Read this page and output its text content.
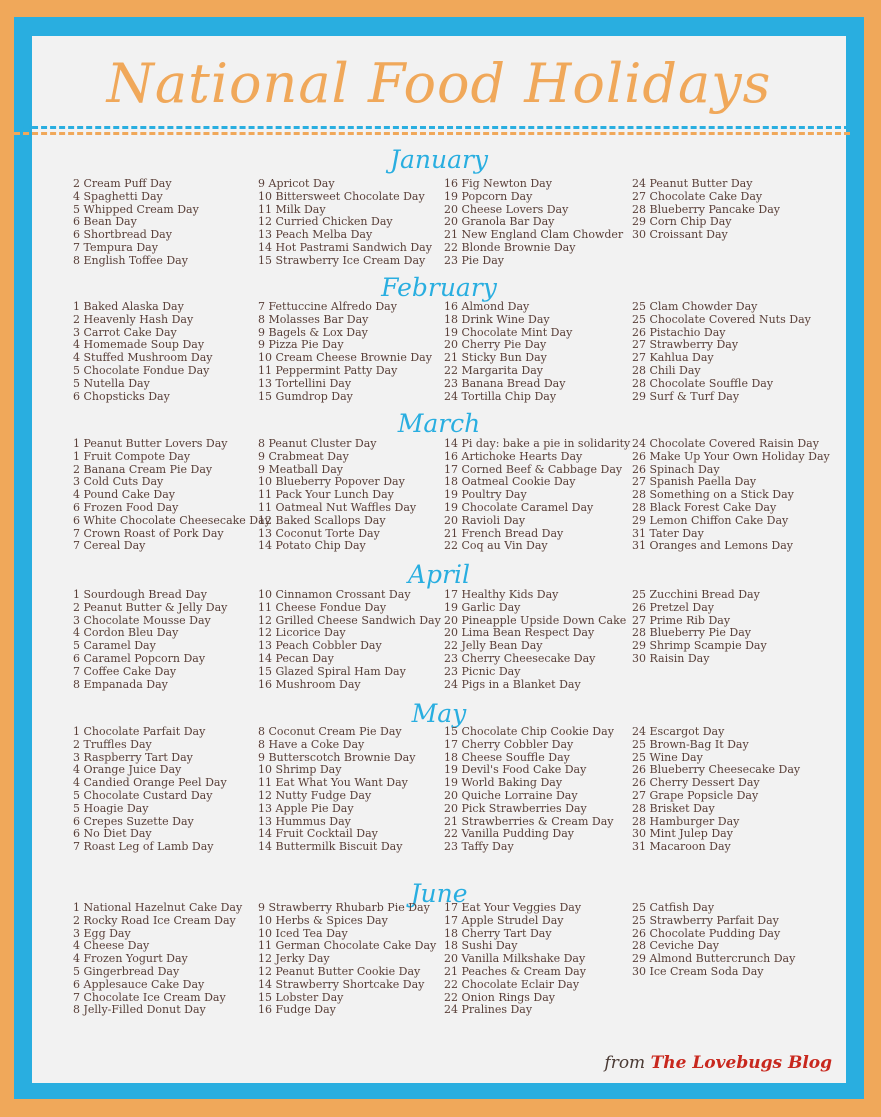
National Food Holidays
from The Lovebugs Blog
January
2 Cream Puff Day
4 Spaghetti Day
5 Whipped Cream Day
6 Bean Day
6 Shortbread Day
7 Tempura Day
8 English Toffee Day
9 Apricot Day
10 Bittersweet Chocolate Day
11 Milk Day
12 Curried Chicken Day
13 Peach Melba Day
14 Hot Pastrami Sandwich Day
15 Strawberry Ice Cream Day
16 Fig Newton Day
19 Popcorn Day
20 Cheese Lovers Day
20 Granola Bar Day
21 New England Clam Chowder
22 Blonde Brownie Day
23 Pie Day
24 Peanut Butter Day
27 Chocolate Cake Day
28 Blueberry Pancake Day
29 Corn Chip Day
30 Croissant Day
February
1 Baked Alaska Day
2 Heavenly Hash Day
3 Carrot Cake Day
4 Homemade Soup Day
4 Stuffed Mushroom Day
5 Chocolate Fondue Day
5 Nutella Day
6 Chopsticks Day
7 Fettuccine Alfredo Day
8 Molasses Bar Day
9 Bagels & Lox Day
9 Pizza Pie Day
10 Cream Cheese Brownie Day
11 Peppermint Patty Day
13 Tortellini Day
15 Gumdrop Day
16 Almond Day
18 Drink Wine Day
19 Chocolate Mint Day
20 Cherry Pie Day
21 Sticky Bun Day
22 Margarita Day
23 Banana Bread Day
24 Tortilla Chip Day
25 Clam Chowder Day
25 Chocolate Covered Nuts Day
26 Pistachio Day
27 Strawberry Day
27 Kahlua Day
28 Chili Day
28 Chocolate Souffle Day
29 Surf & Turf Day
March
1 Peanut Butter Lovers Day
1 Fruit Compote Day
2 Banana Cream Pie Day
3 Cold Cuts Day
4 Pound Cake Day
6 Frozen Food Day
6 White Chocolate Cheesecake Day
7 Crown Roast of Pork Day
7 Cereal Day
8 Peanut Cluster Day
9 Crabmeat Day
9 Meatball Day
10 Blueberry Popover Day
11 Pack Your Lunch Day
11 Oatmeal Nut Waffles Day
12 Baked Scallops Day
13 Coconut Torte Day
14 Potato Chip Day
14 Pi day: bake a pie in solidarity
16 Artichoke Hearts Day
17 Corned Beef & Cabbage Day
18 Oatmeal Cookie Day
19 Poultry Day
19 Chocolate Caramel Day
20 Ravioli Day
21 French Bread Day
22 Coq au Vin Day
24 Chocolate Covered Raisin Day
26 Make Up Your Own Holiday Day
26 Spinach Day
27 Spanish Paella Day
28 Something on a Stick Day
28 Black Forest Cake Day
29 Lemon Chiffon Cake Day
31 Tater Day
31 Oranges and Lemons Day
April
1 Sourdough Bread Day
2 Peanut Butter & Jelly Day
3 Chocolate Mousse Day
4 Cordon Bleu Day
5 Caramel Day
6 Caramel Popcorn Day
7 Coffee Cake Day
8 Empanada Day
10 Cinnamon Crossant Day
11 Cheese Fondue Day
12 Grilled Cheese Sandwich Day
12 Licorice Day
13 Peach Cobbler Day
14 Pecan Day
15 Glazed Spiral Ham Day
16 Mushroom Day
17 Healthy Kids Day
19 Garlic Day
20 Pineapple Upside Down Cake
20 Lima Bean Respect Day
22 Jelly Bean Day
23 Cherry Cheesecake Day
23 Picnic Day
24 Pigs in a Blanket Day
25 Zucchini Bread Day
26 Pretzel Day
27 Prime Rib Day
28 Blueberry Pie Day
29 Shrimp Scampie Day
30 Raisin Day
May
1 Chocolate Parfait Day
2 Truffles Day
3 Raspberry Tart Day
4 Orange Juice Day
4 Candied Orange Peel Day
5 Chocolate Custard Day
5 Hoagie Day
6 Crepes Suzette Day
6 No Diet Day
7 Roast Leg of Lamb Day
8 Coconut Cream Pie Day
8 Have a Coke Day
9 Butterscotch Brownie Day
10 Shrimp Day
11 Eat What You Want Day
12 Nutty Fudge Day
13 Apple Pie Day
13 Hummus Day
14 Fruit Cocktail Day
14 Buttermilk Biscuit Day
15 Chocolate Chip Cookie Day
17 Cherry Cobbler Day
18 Cheese Souffle Day
19 Devil's Food Cake Day
19 World Baking Day
20 Quiche Lorraine Day
20 Pick Strawberries Day
21 Strawberries & Cream Day
22 Vanilla Pudding Day
23 Taffy Day
24 Escargot Day
25 Brown-Bag It Day
25 Wine Day
26 Blueberry Cheesecake Day
26 Cherry Dessert Day
27 Grape Popsicle Day
28 Brisket Day
28 Hamburger Day
30 Mint Julep Day
31 Macaroon Day
June
1 National Hazelnut Cake Day
2 Rocky Road Ice Cream Day
3 Egg Day
4 Cheese Day
4 Frozen Yogurt Day
5 Gingerbread Day
6 Applesauce Cake Day
7 Chocolate Ice Cream Day
8 Jelly-Filled Donut Day
9 Strawberry Rhubarb Pie Day
10 Herbs & Spices Day
10 Iced Tea Day
11 German Chocolate Cake Day
12 Jerky Day
12 Peanut Butter Cookie Day
14 Strawberry Shortcake Day
15 Lobster Day
16 Fudge Day
17 Eat Your Veggies Day
17 Apple Strudel Day
18 Cherry Tart Day
18 Sushi Day
20 Vanilla Milkshake Day
21 Peaches & Cream Day
22 Chocolate Eclair Day
22 Onion Rings Day
24 Pralines Day
25 Catfish Day
25 Strawberry Parfait Day
26 Chocolate Pudding Day
28 Ceviche Day
29 Almond Buttercrunch Day
30 Ice Cream Soda Day
